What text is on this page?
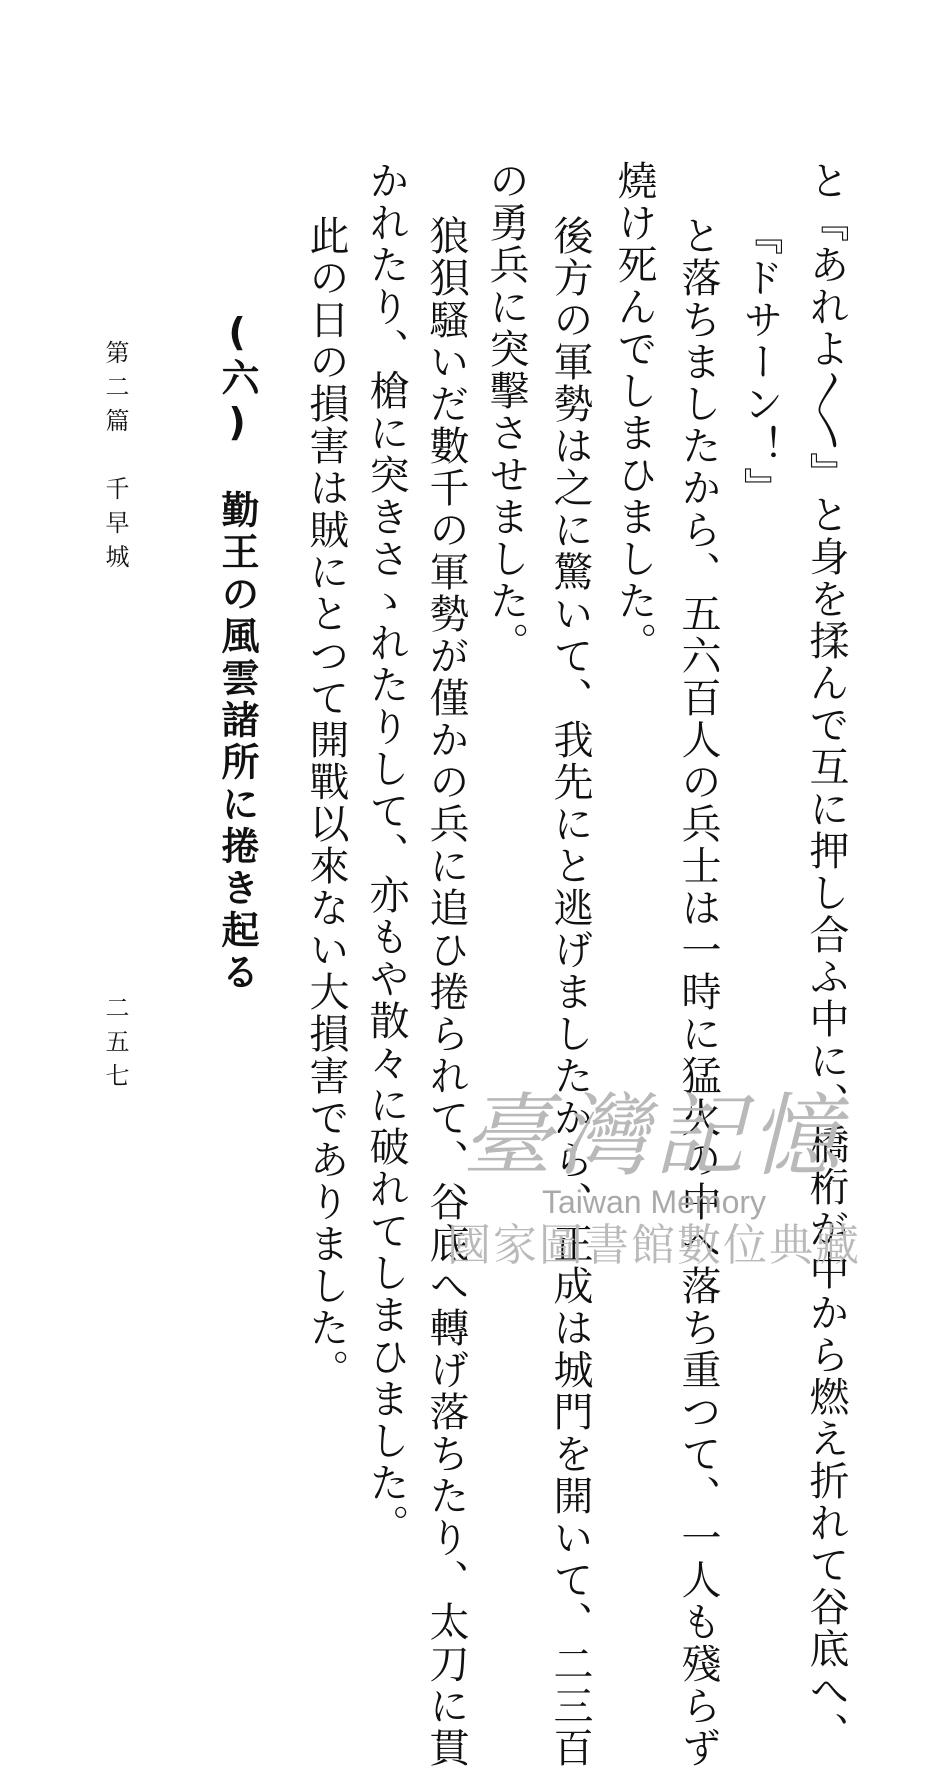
と『あれよ〳〵』と身を揉んで互に押し合ふ中に、橋桁が中から燃え折れて谷底へ、
『ドサーン！』
と落ちましたから、五六百人の兵士は一時に猛火の中へ落ち重つて、一人も殘らず
燒け死んでしまひました。
後方の軍勢は之に驚いて、我先にと逃げましたから、正成は城門を開いて、二三百
の勇兵に突擊させました。
狼狽騷いだ數千の軍勢が僅かの兵に追ひ捲られて、谷底へ轉げ落ちたり、太刀に貫
かれたり、槍に突きさゝれたりして、亦もや散々に破れてしまひました。
此の日の損害は賊にとつて開戰以來ない大損害でありました。
(六)　勤王の風雲諸所に捲き起る
第二篇　千早城
二五七
臺灣記憶
Taiwan Memory
國家圖書館數位典藏
